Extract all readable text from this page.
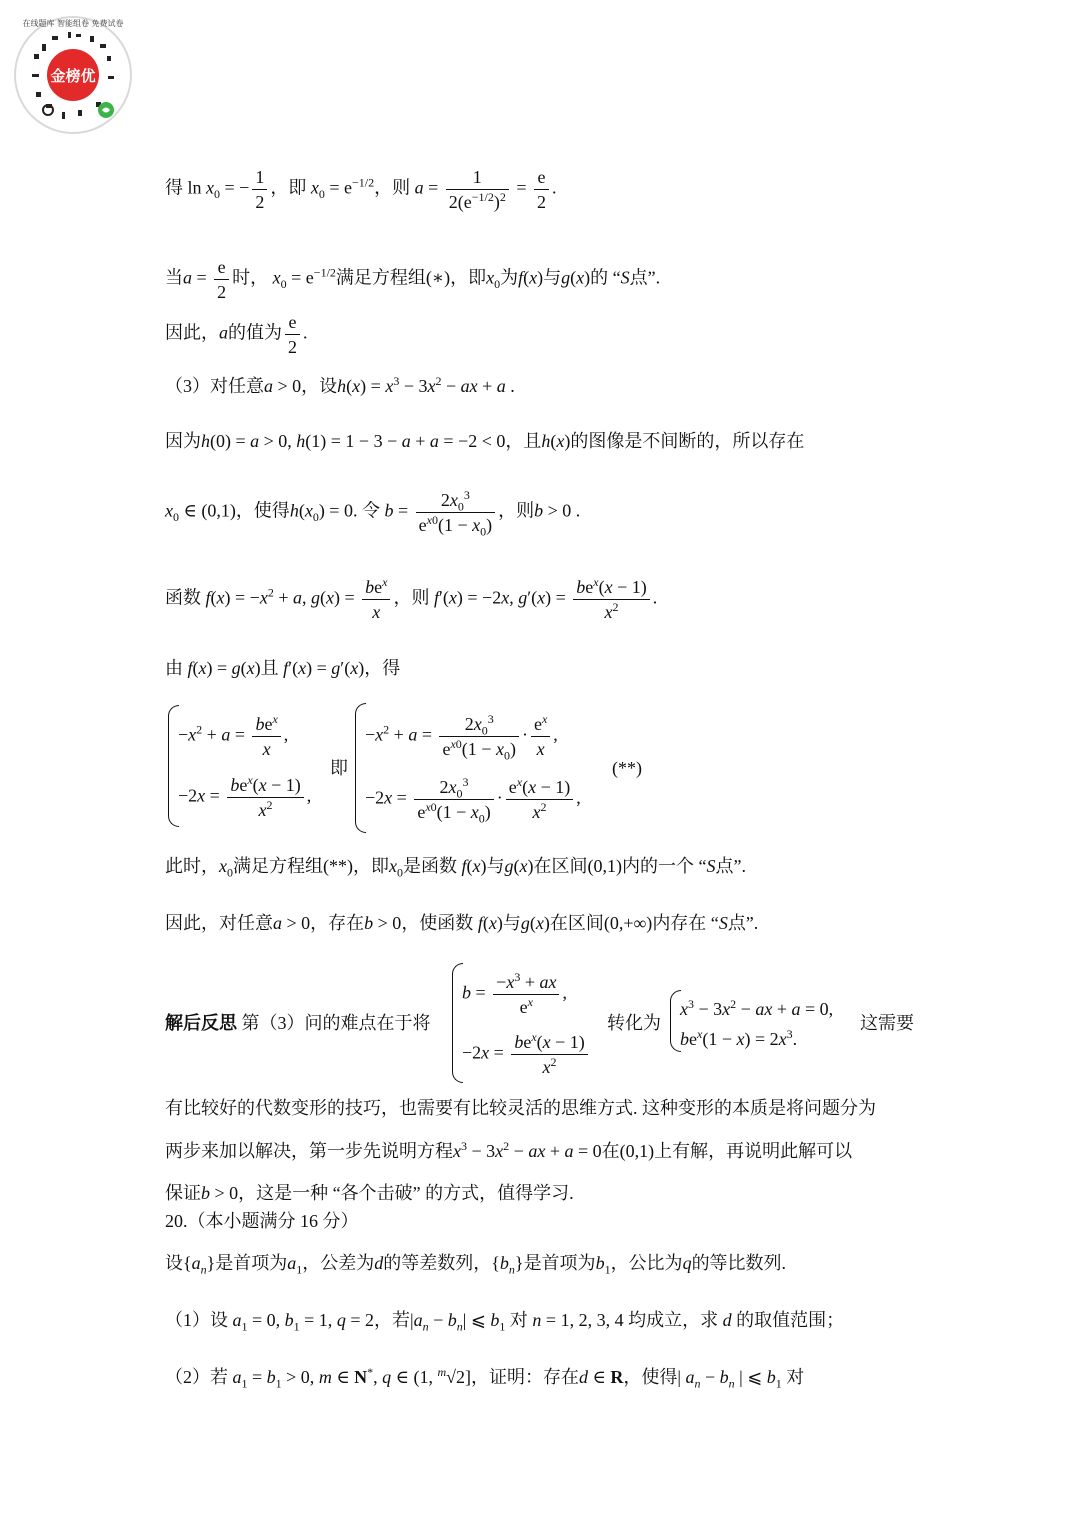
金榜优
在线题库 智能组卷 免费试卷
得 $\ln x_0$ = − $\frac{1}{2}$ ，即 $x_0 = e^{-1/2}$，则 $a = \frac{1}{2(e^{-1/2})^2} = \frac{e}{2}$ .
当$a = \frac{e}{2}$ 时， $x_0 = e^{-1/2}$满足方程组(∗)，即$x_0$为f(x)与g(x)的 “S点”.
因此，a的值为 $\frac{e}{2}$ .
（3）对任意a > 0，设$h(x) = x^3 - 3x^2$ − ax + a .
因为h(0) = a > 0, h(1) = 1 − 3 − a + a = −2 < 0，且h(x)的图像是不间断的，所以存在
$x_0$ ∈ (0,1)，使得$h(x_0) = 0$. 令 $b = \frac{2x_0^3}{e^{x0}(1 - x_0)}$ ，则b > 0 .
函数 $f(x) = -x^2 + a$, $g(x) = \frac{be^x}{x}$ ，则 f′(x) = −2x, $g'(x) = \frac{be^x(x - 1)}{x^2}$ .
由 f(x) = g(x)且 f′(x) = g′(x)，得
$-x^2 + a = \frac{be^x}{x}$ ,
$-2x = \frac{be^x(x - 1)}{x^2}$ ,
即
$-x^2 + a = \frac{2x_0^3}{e^{x0}(1 - x_0)} \cdot \frac{e^x}{x}$ ,
$-2x = \frac{2x_0^3}{e^{x0}(1 - x_0)} \cdot \frac{e^x(x - 1)}{x^2}$ ,
(**)
此时，$x_0$满足方程组(**)，即$x_0$是函数 f(x)与g(x)在区间(0,1)内的一个 “S点”.
因此，对任意a > 0，存在b > 0，使函数 f(x)与g(x)在区间(0,+∞)内存在 “S点”.
解后反思 第（3）问的难点在于将
$b = \frac{-x^3 + ax}{e^x}$ ,
$-2x = \frac{be^x(x - 1)}{x^2}$
转化为
$x^3 - 3x^2$ − ax + a = 0,
$be^x(1 - x) = 2x^3$.
这需要
有比较好的代数变形的技巧，也需要有比较灵活的思维方式. 这种变形的本质是将问题分为
两步来加以解决，第一步先说明方程$x^3 - 3x^2$ − ax + a = 0在(0,1)上有解，再说明此解可以
保证b > 0，这是一种 “各个击破” 的方式，值得学习.
20.（本小题满分 16 分）
设$\{a_n\}$是首项为$a_1$，公差为d的等差数列，$\{b_n\}$是首项为$b_1$，公比为q的等比数列.
（1）设 $a_1 = 0$, $b_1 = 1$, q = 2，若$|a_n - b_n|$ ⩽ $b_1$ 对 n = 1, 2, 3, 4 均成立，求 d 的取值范围；
（2）若 $a_1 = b_1 > 0$, m ∈ N*, q ∈ (1, $^m$√2]，证明：存在d ∈ R，使得| $a_n - b_n$ | ⩽ $b_1$ 对
